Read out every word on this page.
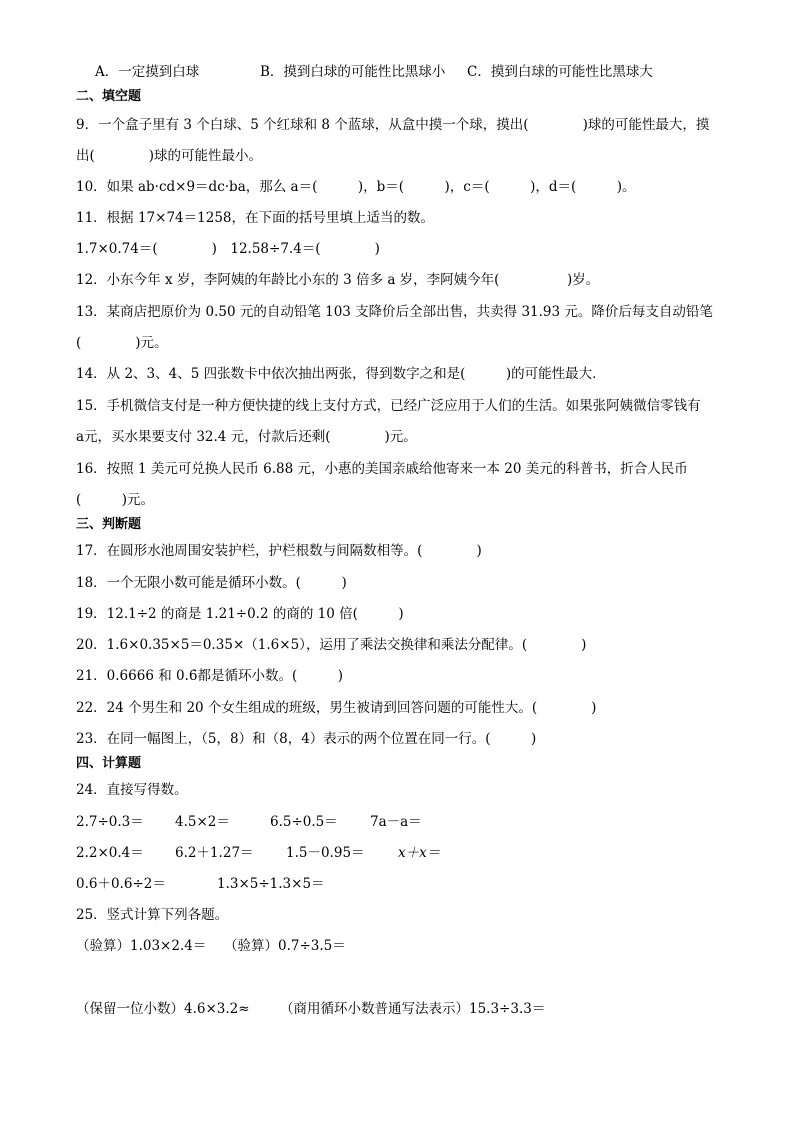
A．一定摸到白球	B．摸到白球的可能性比黑球小 C．摸到白球的可能性比黑球大
二、填空题
9．一个盒子里有 3 个白球、5 个红球和 8 个蓝球，从盒中摸一个球，摸出(　　　　)球的可能性最大，摸
出(　　　　)球的可能性最小。
10．如果 ab·cd×9＝dc·ba，那么 a＝(　　　)，b＝(　　　)，c＝(　　　)，d＝(　　　)。
11．根据 17×74＝1258，在下面的括号里填上适当的数。
1.7×0.74＝(　　　　)　12.58÷7.4＝(　　　　)
12．小东今年 x 岁，李阿姨的年龄比小东的 3 倍多 a 岁，李阿姨今年(　　　　　)岁。
13．某商店把原价为 0.50 元的自动铅笔 103 支降价后全部出售，共卖得 31.93 元。降价后每支自动铅笔
(　　　　)元。
14．从 2、3、4、5 四张数卡中依次抽出两张，得到数字之和是(　　　)的可能性最大．
15．手机微信支付是一种方便快捷的线上支付方式，已经广泛应用于人们的生活。如果张阿姨微信零钱有
a元，买水果要支付 32.4 元，付款后还剩(　　　　)元。
16．按照 1 美元可兑换人民币 6.88 元，小惠的美国亲戚给他寄来一本 20 美元的科普书，折合人民币
(　　　)元。
三、判断题
17．在圆形水池周围安装护栏，护栏根数与间隔数相等。(　　　　)
18．一个无限小数可能是循环小数。(　　　)
19．12.1÷2 的商是 1.21÷0.2 的商的 10 倍(　　　)
20．1.6×0.35×5＝0.35×（1.6×5），运用了乘法交换律和乘法分配律。(　　　　)
21．0.6666 和 0.6̇都是循环小数。(　　　)
22．24 个男生和 20 个女生组成的班级，男生被请到回答问题的可能性大。(　　　　)
23．在同一幅图上，（5，8）和（8，4）表示的两个位置在同一行。(　　　)
四、计算题
24．直接写得数。
2.7÷0.3＝ 4.5×2＝	6.5÷0.5＝ 7a－a＝
2.2×0.4＝ 6.2＋1.27＝ 1.5－0.95＝ x＋x＝
0.6＋0.6÷2＝	1.3×5÷1.3×5＝
25．竖式计算下列各题。
（验算）1.03×2.4＝ （验算）0.7÷3.5＝
（保留一位小数）4.6×3.2≈ （商用循环小数普通写法表示）15.3÷3.3＝
